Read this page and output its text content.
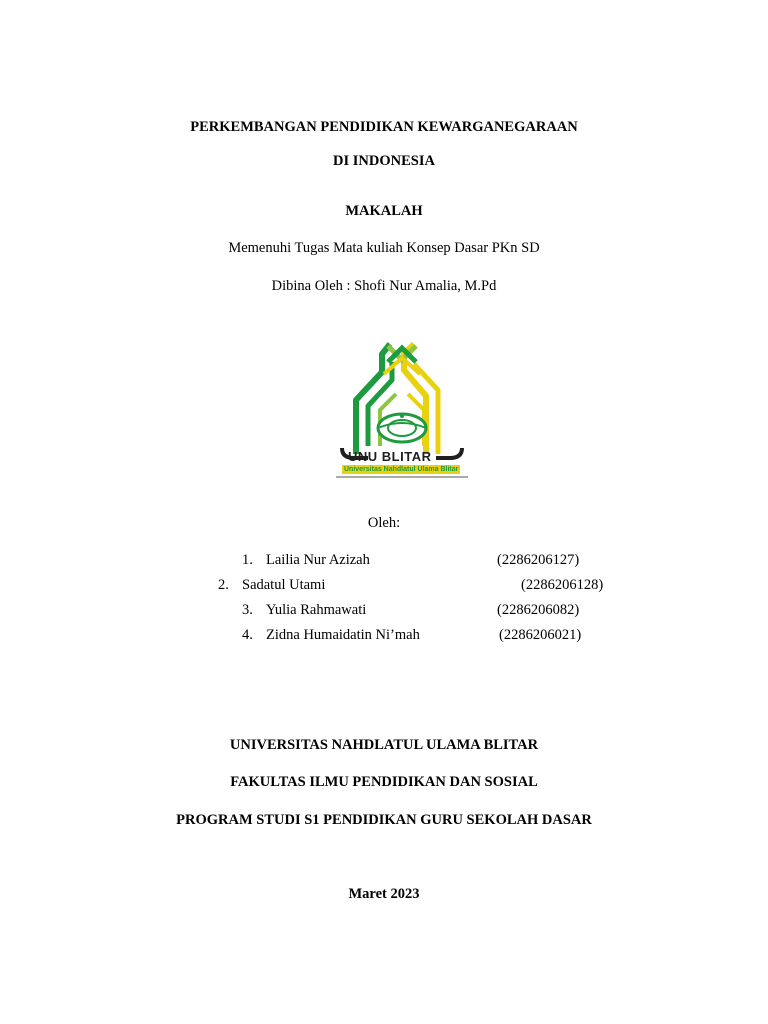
PERKEMBANGAN PENDIDIKAN KEWARGANEGARAAN
DI INDONESIA
MAKALAH
Memenuhi Tugas Mata kuliah Konsep Dasar PKn SD
Dibina Oleh : Shofi Nur Amalia, M.Pd
UNU BLITAR
Universitas Nahdlatul Ulama Blitar
Oleh:
1. Lailia Nur Azizah	(2286206127)
2. Sadatul Utami	(2286206128)
3. Yulia Rahmawati	(2286206082)
4. Zidna Humaidatin Ni’mah	(2286206021)
UNIVERSITAS NAHDLATUL ULAMA BLITAR
FAKULTAS ILMU PENDIDIKAN DAN SOSIAL
PROGRAM STUDI S1 PENDIDIKAN GURU SEKOLAH DASAR
Maret 2023
